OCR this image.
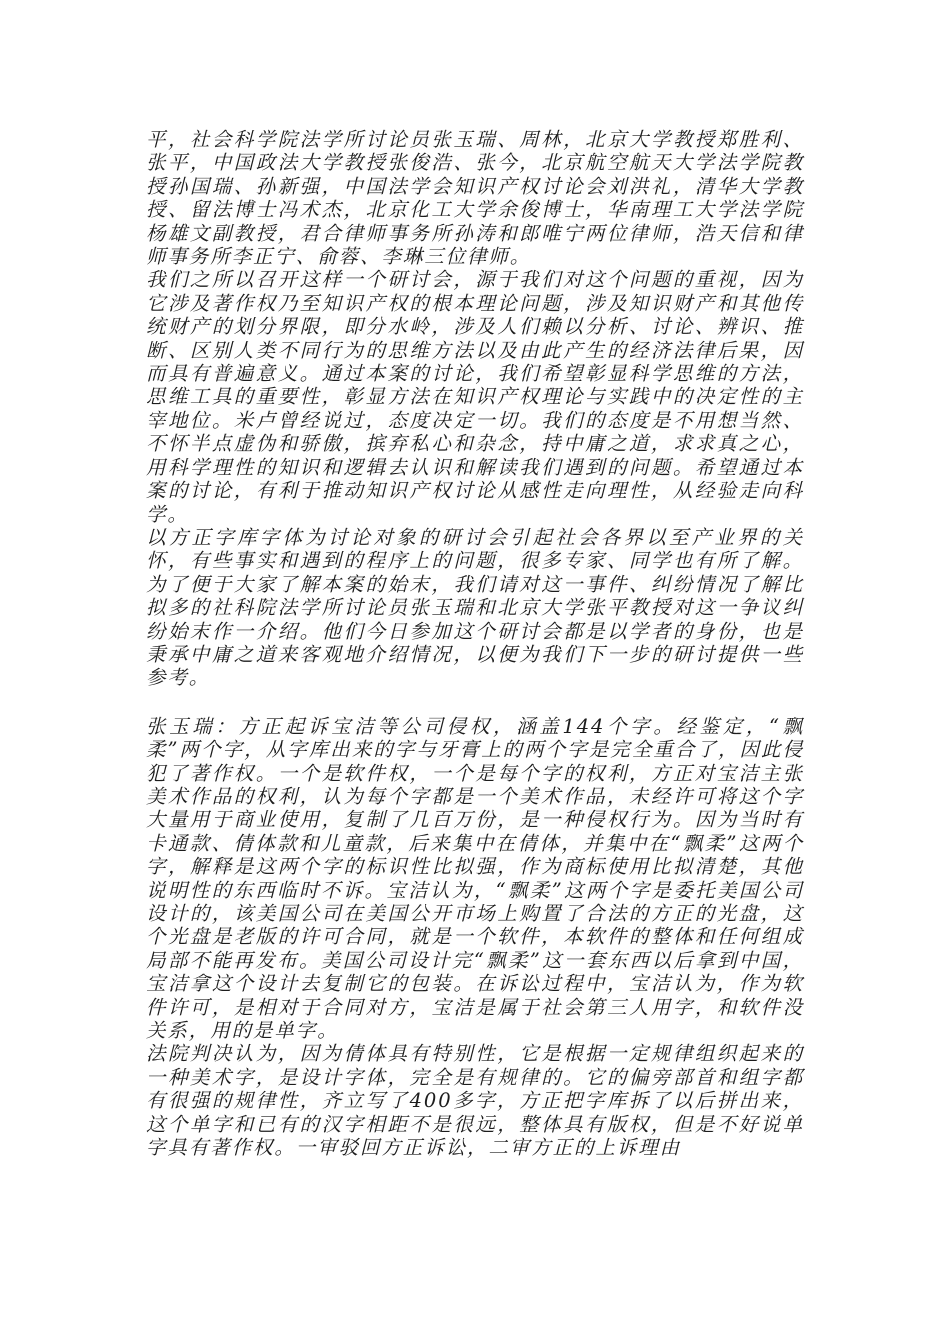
平，社会科学院法学所讨论员张玉瑞、周林，北京大学教授郑胜利、张平，中国政法大学教授张俊浩、张今，北京航空航天大学法学院教授孙国瑞、孙新强，中国法学会知识产权讨论会刘洪礼，清华大学教授、留法博士冯术杰，北京化工大学余俊博士，华南理工大学法学院杨雄文副教授，君合律师事务所孙涛和郎唯宁两位律师，浩天信和律师事务所李正宁、俞蓉、李琳三位律师。

我们之所以召开这样一个研讨会，源于我们对这个问题的重视，因为它涉及著作权乃至知识产权的根本理论问题，涉及知识财产和其他传统财产的划分界限，即分水岭，涉及人们赖以分析、讨论、辨识、推断、区别人类不同行为的思维方法以及由此产生的经济法律后果，因而具有普遍意义。通过本案的讨论，我们希望彰显科学思维的方法，思维工具的重要性，彰显方法在知识产权理论与实践中的决定性的主宰地位。米卢曾经说过，态度决定一切。我们的态度是不用想当然、不怀半点虚伪和骄傲，摈弃私心和杂念，持中庸之道，求求真之心，用科学理性的知识和逻辑去认识和解读我们遇到的问题。希望通过本案的讨论，有利于推动知识产权讨论从感性走向理性，从经验走向科学。

以方正字库字体为讨论对象的研讨会引起社会各界以至产业界的关怀，有些事实和遇到的程序上的问题，很多专家、同学也有所了解。为了便于大家了解本案的始末，我们请对这一事件、纠纷情况了解比拟多的社科院法学所讨论员张玉瑞和北京大学张平教授对这一争议纠纷始末作一介绍。他们今日参加这个研讨会都是以学者的身份，也是秉承中庸之道来客观地介绍情况，以便为我们下一步的研讨提供一些参考。

张玉瑞：方正起诉宝洁等公司侵权，涵盖144个字。经鉴定，“飘柔”两个字，从字库出来的字与牙膏上的两个字是完全重合了，因此侵犯了著作权。一个是软件权，一个是每个字的权利，方正对宝洁主张美术作品的权利，认为每个字都是一个美术作品，未经许可将这个字大量用于商业使用，复制了几百万份，是一种侵权行为。因为当时有卡通款、倩体款和儿童款，后来集中在倩体，并集中在“飘柔”这两个字，解释是这两个字的标识性比拟强，作为商标使用比拟清楚，其他说明性的东西临时不诉。宝洁认为，“飘柔”这两个字是委托美国公司设计的，该美国公司在美国公开市场上购置了合法的方正的光盘，这个光盘是老版的许可合同，就是一个软件，本软件的整体和任何组成局部不能再发布。美国公司设计完“飘柔”这一套东西以后拿到中国，宝洁拿这个设计去复制它的包装。在诉讼过程中，宝洁认为，作为软件许可，是相对于合同对方，宝洁是属于社会第三人用字，和软件没关系，用的是单字。

法院判决认为，因为倩体具有特别性，它是根据一定规律组织起来的一种美术字，是设计字体，完全是有规律的。它的偏旁部首和组字都有很强的规律性，齐立写了400多字，方正把字库拆了以后拼出来，这个单字和已有的汉字相距不是很远，整体具有版权，但是不好说单字具有著作权。一审驳回方正诉讼，二审方正的上诉理由
